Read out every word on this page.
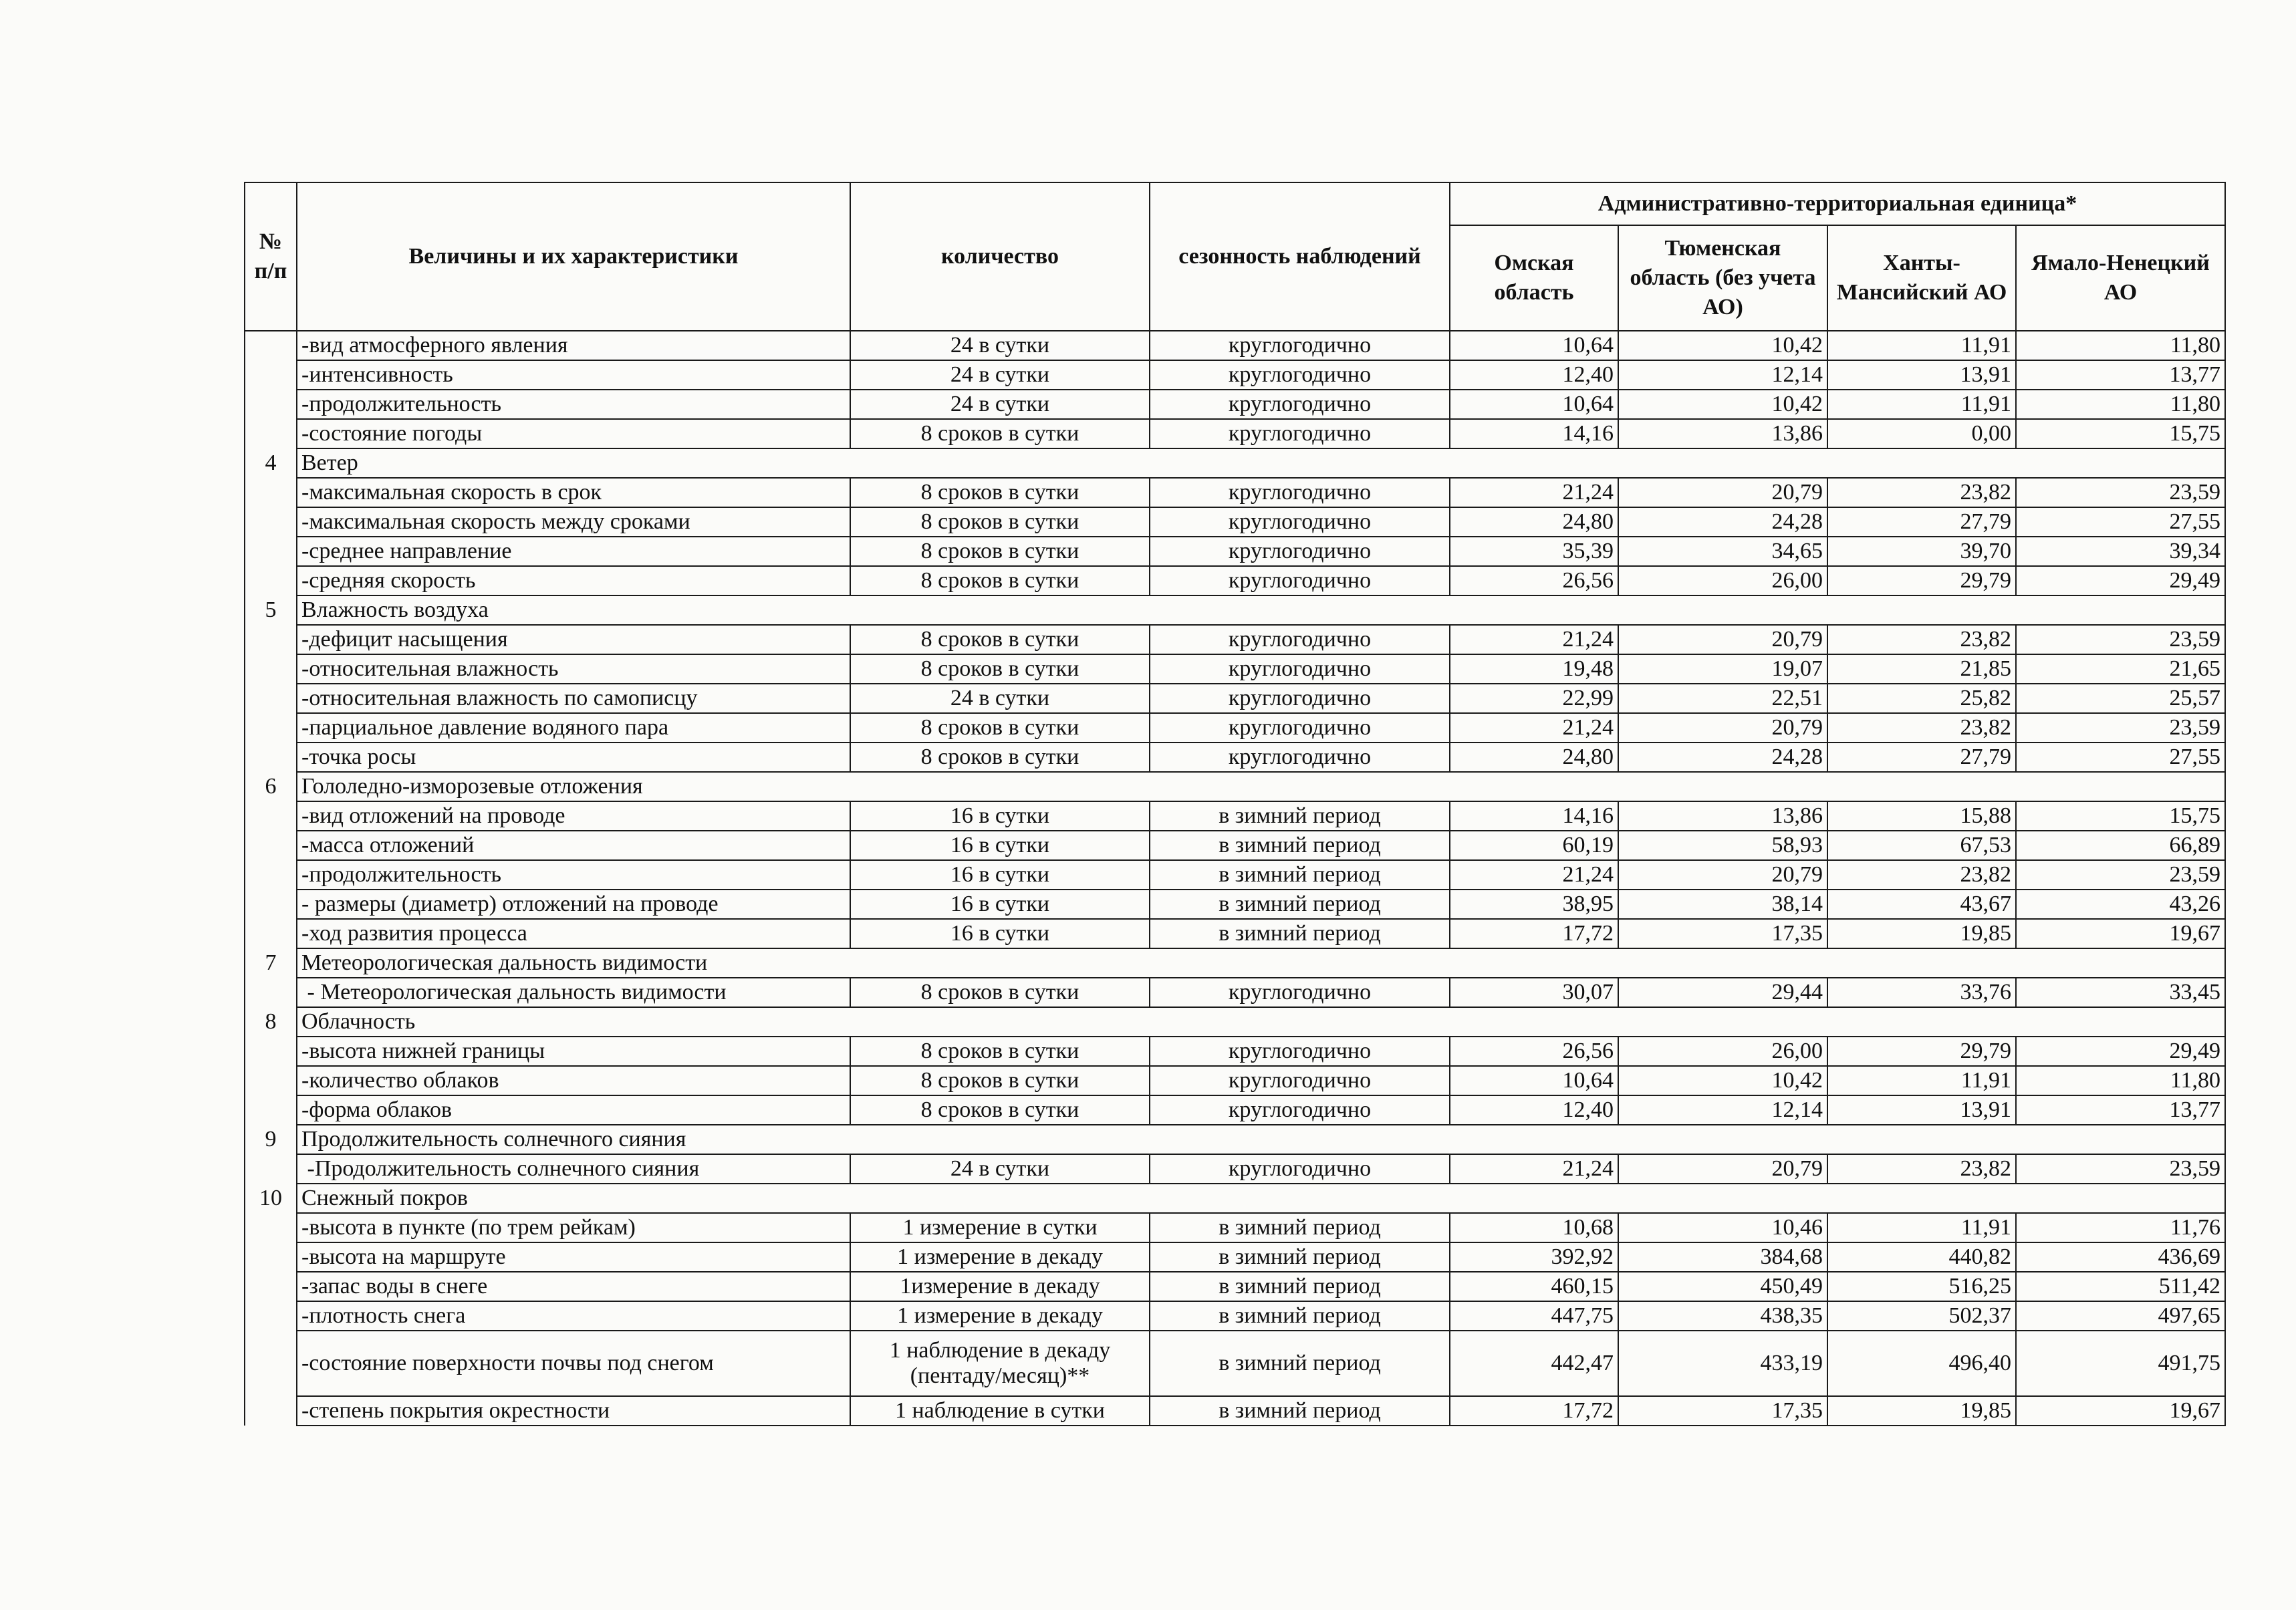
№ п/п	Величины и их характеристики	количество	сезонность наблюдений	Административно-территориальная единица*			
				Омская область	Тюменская область (без учета АО)	Ханты-Мансийский АО	Ямало-Ненецкий АО
	-вид атмосферного явления	24 в сутки	круглогодично	10,64	10,42	11,91	11,80
	-интенсивность	24 в сутки	круглогодично	12,40	12,14	13,91	13,77
	-продолжительность	24 в сутки	круглогодично	10,64	10,42	11,91	11,80
	-состояние погоды	8 сроков в сутки	круглогодично	14,16	13,86	0,00	15,75
4	Ветер						
	-максимальная скорость в срок	8 сроков в сутки	круглогодично	21,24	20,79	23,82	23,59
	-максимальная скорость между сроками	8 сроков в сутки	круглогодично	24,80	24,28	27,79	27,55
	-среднее направление	8 сроков в сутки	круглогодично	35,39	34,65	39,70	39,34
	-средняя скорость	8 сроков в сутки	круглогодично	26,56	26,00	29,79	29,49
5	Влажность воздуха						
	-дефицит насыщения	8 сроков в сутки	круглогодично	21,24	20,79	23,82	23,59
	-относительная влажность	8 сроков в сутки	круглогодично	19,48	19,07	21,85	21,65
	-относительная влажность по самописцу	24 в сутки	круглогодично	22,99	22,51	25,82	25,57
	-парциальное давление водяного пара	8 сроков в сутки	круглогодично	21,24	20,79	23,82	23,59
	-точка росы	8 сроков в сутки	круглогодично	24,80	24,28	27,79	27,55
6	Гололедно-изморозевые отложения						
	-вид отложений на проводе	16 в сутки	в зимний период	14,16	13,86	15,88	15,75
	-масса отложений	16 в сутки	в зимний период	60,19	58,93	67,53	66,89
	-продолжительность	16 в сутки	в зимний период	21,24	20,79	23,82	23,59
	- размеры (диаметр) отложений на проводе	16 в сутки	в зимний период	38,95	38,14	43,67	43,26
	-ход развития процесса	16 в сутки	в зимний период	17,72	17,35	19,85	19,67
7	Метеорологическая дальность видимости						
	- Метеорологическая дальность видимости	8 сроков в сутки	круглогодично	30,07	29,44	33,76	33,45
8	Облачность						
	-высота нижней границы	8 сроков в сутки	круглогодично	26,56	26,00	29,79	29,49
	-количество облаков	8 сроков в сутки	круглогодично	10,64	10,42	11,91	11,80
	-форма облаков	8 сроков в сутки	круглогодично	12,40	12,14	13,91	13,77
9	Продолжительность солнечного сияния						
	-Продолжительность солнечного сияния	24 в сутки	круглогодично	21,24	20,79	23,82	23,59
10	Снежный покров						
	-высота в пункте (по трем рейкам)	1 измерение в сутки	в зимний период	10,68	10,46	11,91	11,76
	-высота на маршруте	1 измерение в декаду	в зимний период	392,92	384,68	440,82	436,69
	-запас воды в снеге	1измерение в декаду	в зимний период	460,15	450,49	516,25	511,42
	-плотность снега	1 измерение в декаду	в зимний период	447,75	438,35	502,37	497,65
	-состояние поверхности почвы под снегом	1 наблюдение в декаду (пентаду/месяц)**	в зимний период	442,47	433,19	496,40	491,75
	-степень покрытия окрестности	1 наблюдение в сутки	в зимний период	17,72	17,35	19,85	19,67
